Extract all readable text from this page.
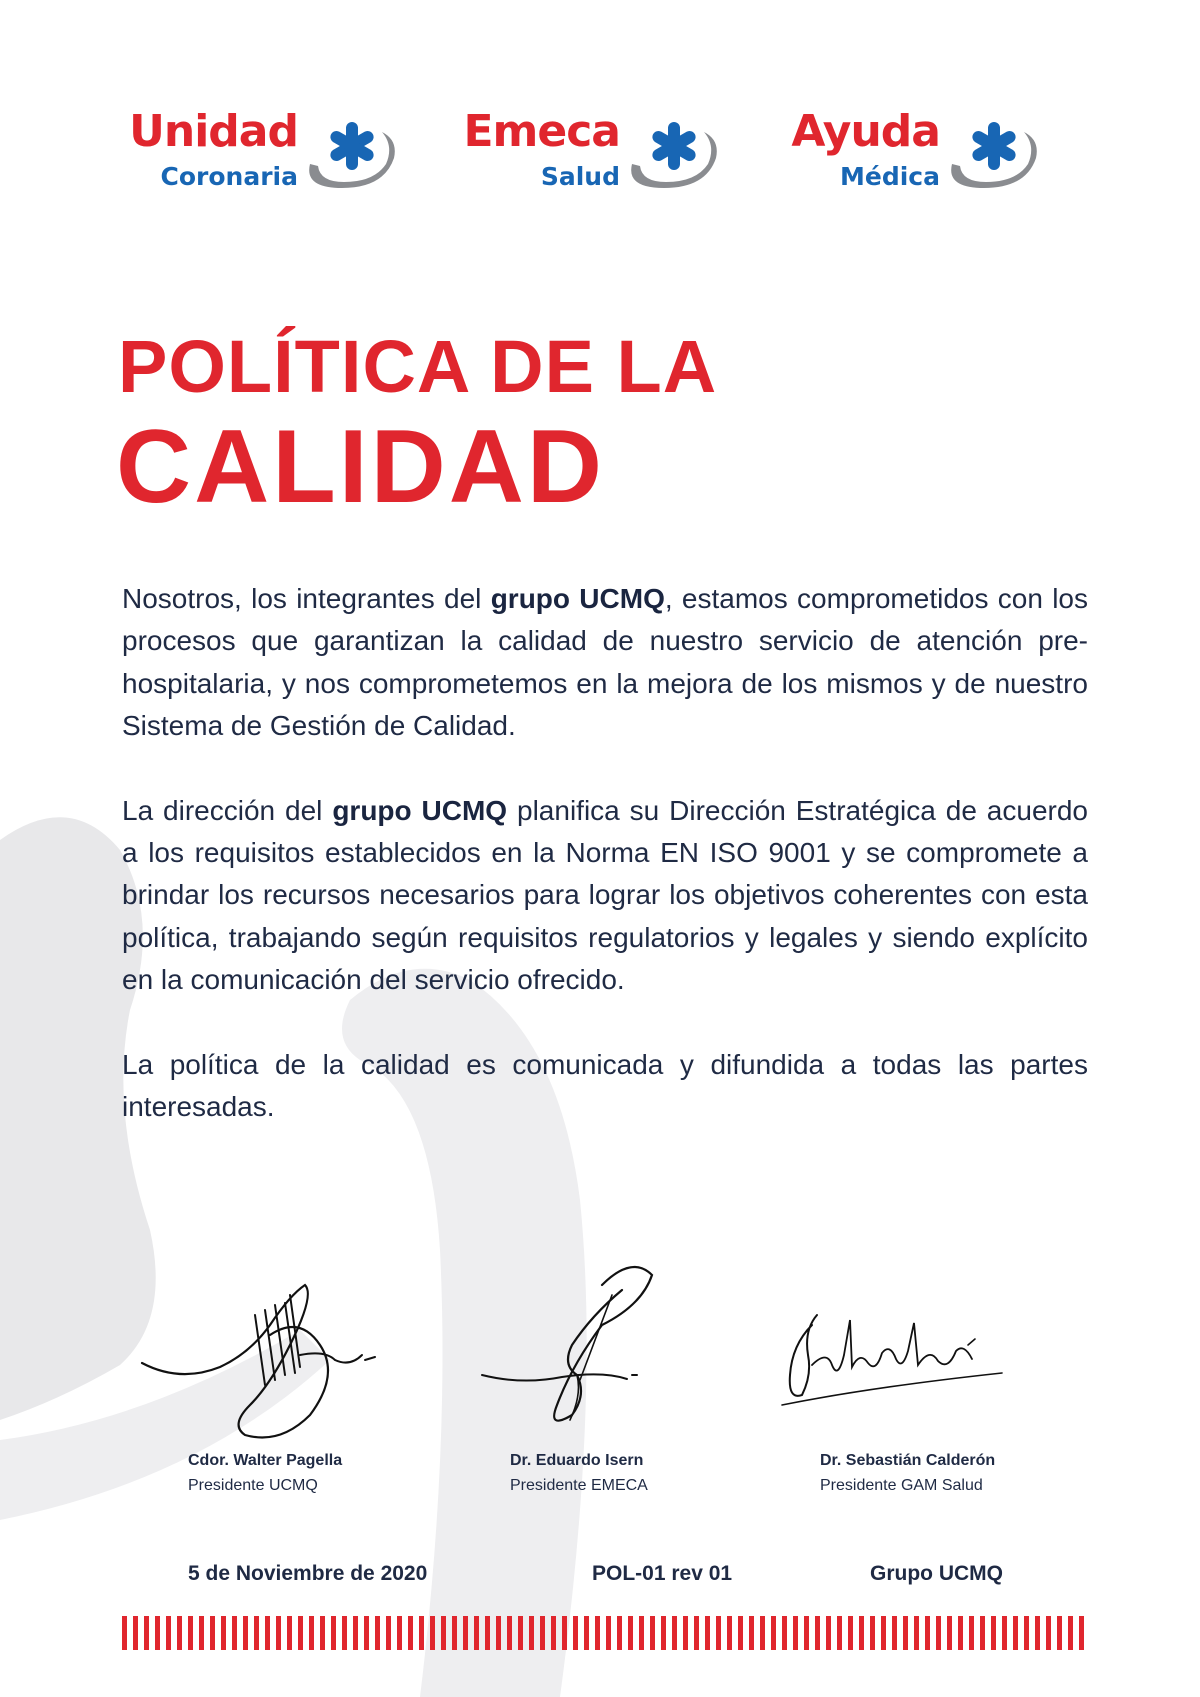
Unidad
Coronaria
Emeca
Salud
Ayuda
Médica
POLÍTICA DE LA
CALIDAD

Nosotros, los integrantes del grupo UCMQ, estamos comprometidos con los procesos que garantizan la calidad de nuestro servicio de atención pre-hospitalaria, y nos comprometemos en la mejora de los mismos y de nuestro Sistema de Gestión de Calidad.

La dirección del grupo UCMQ planifica su Dirección Estratégica de acuerdo a los requisitos establecidos en la Norma EN ISO 9001 y se compromete a brindar los recursos necesarios para lograr los objetivos coherentes con esta política, trabajando según requisitos regulatorios y legales y siendo explícito en la comunicación del servicio ofrecido.

La política de la calidad es comunicada y difundida a todas las partes interesadas.

Cdor. Walter Pagella
Presidente UCMQ
Dr. Eduardo Isern
Presidente EMECA
Dr. Sebastián Calderón
Presidente GAM Salud
5 de Noviembre de 2020	POL-01 rev 01	Grupo UCMQ
